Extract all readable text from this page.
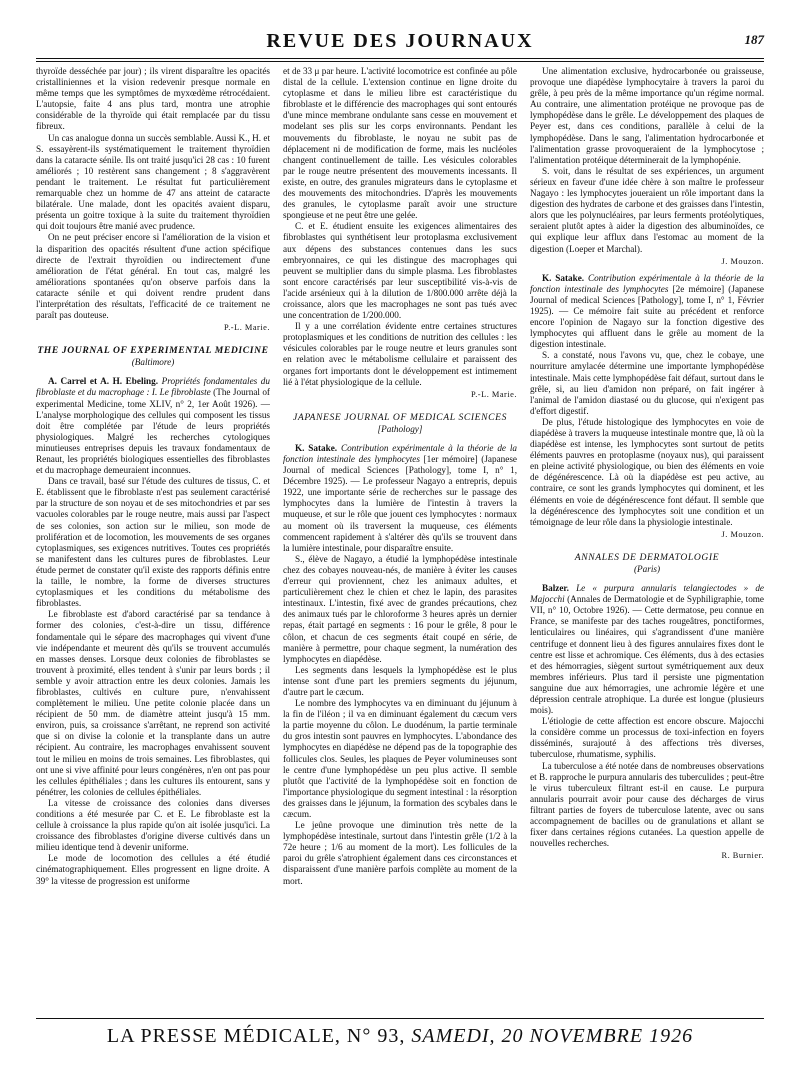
REVUE DES JOURNAUX	187

thyroïde desséchée par jour) ; ils virent disparaître les opacités cristalliniennes et la vision redevenir presque normale en même temps que les symptômes de myxœdème rétrocédaient. L'autopsie, faite 4 ans plus tard, montra une atrophie considérable de la thyroïde qui était remplacée par du tissu fibreux.

Un cas analogue donna un succès semblable. Aussi K., H. et S. essayèrent-ils systématiquement le traitement thyroïdien dans la cataracte sénile. Ils ont traité jusqu'ici 28 cas : 10 furent améliorés ; 10 restèrent sans changement ; 8 s'aggravèrent pendant le traitement. Le résultat fut particulièrement remarquable chez un homme de 47 ans atteint de cataracte bilatérale. Une malade, dont les opacités avaient disparu, présenta un goitre toxique à la suite du traitement thyroïdien qui doit toujours être manié avec prudence.

On ne peut préciser encore si l'amélioration de la vision et la disparition des opacités résultent d'une action spécifique directe de l'extrait thyroïdien ou indirectement d'une amélioration de l'état général. En tout cas, malgré les améliorations spontanées qu'on observe parfois dans la cataracte sénile et qui doivent rendre prudent dans l'interprétation des résultats, l'efficacité de ce traitement ne paraît pas douteuse.

P.-L. Marie.
THE JOURNAL OF EXPERIMENTAL MEDICINE
(Baltimore)

A. Carrel et A. H. Ebeling. Propriétés fondamentales du fibroblaste et du macrophage : I. Le fibroblaste (The Journal of experimental Medicine, tome XLIV, n° 2, 1er Août 1926). — L'analyse morphologique des cellules qui composent les tissus doit être complétée par l'étude de leurs propriétés physiologiques. Malgré les recherches cytologiques minutieuses entreprises depuis les travaux fondamentaux de Renaut, les propriétés biologiques essentielles des fibroblastes et du macrophage demeuraient inconnues.

Dans ce travail, basé sur l'étude des cultures de tissus, C. et E. établissent que le fibroblaste n'est pas seulement caractérisé par la structure de son noyau et de ses mitochondries et par ses vacuoles colorables par le rouge neutre, mais aussi par l'aspect de ses colonies, son action sur le milieu, son mode de prolifération et de locomotion, les mouvements de ses organes cytoplasmiques, ses exigences nutritives. Toutes ces propriétés se manifestent dans les cultures pures de fibroblastes. Leur étude permet de constater qu'il existe des rapports définis entre la taille, le nombre, la forme de diverses structures cytoplasmiques et les conditions du métabolisme des fibroblastes.

Le fibroblaste est d'abord caractérisé par sa tendance à former des colonies, c'est-à-dire un tissu, différence fondamentale qui le sépare des macrophages qui vivent d'une vie indépendante et meurent dès qu'ils se trouvent accumulés en masses denses. Lorsque deux colonies de fibroblastes se trouvent à proximité, elles tendent à s'unir par leurs bords ; il semble y avoir attraction entre les deux colonies. Jamais les fibroblastes, cultivés en culture pure, n'envahissent complètement le milieu. Une petite colonie placée dans un récipient de 50 mm. de diamètre atteint jusqu'à 15 mm. environ, puis, sa croissance s'arrêtant, ne reprend son activité que si on divise la colonie et la transplante dans un autre récipient. Au contraire, les macrophages envahissent souvent tout le milieu en moins de trois semaines. Les fibroblastes, qui ont une si vive affinité pour leurs congénères, n'en ont pas pour les cellules épithéliales ; dans les cultures ils entourent, sans y pénétrer, les colonies de cellules épithéliales.

La vitesse de croissance des colonies dans diverses conditions a été mesurée par C. et E. Le fibroblaste est la cellule à croissance la plus rapide qu'on ait isolée jusqu'ici. La croissance des fibroblastes d'origine diverse cultivés dans un milieu identique tend à devenir uniforme.

Le mode de locomotion des cellules a été étudié cinématographiquement. Elles progressent en ligne droite. A 39° la vitesse de progression est uniforme

et de 33 μ par heure. L'activité locomotrice est confinée au pôle distal de la cellule. L'extension continue en ligne droite du cytoplasme et dans le milieu libre est caractéristique du fibroblaste et le différencie des macrophages qui sont entourés d'une mince membrane ondulante sans cesse en mouvement et modelant ses plis sur les corps environnants. Pendant les mouvements du fibroblaste, le noyau ne subit pas de déplacement ni de modification de forme, mais les nucléoles changent continuellement de taille. Les vésicules colorables par le rouge neutre présentent des mouvements incessants. Il existe, en outre, des granules migrateurs dans le cytoplasme et des mouvements des mitochondries. D'après les mouvements des granules, le cytoplasme paraît avoir une structure spongieuse et ne peut être une gelée.

C. et E. étudient ensuite les exigences alimentaires des fibroblastes qui synthétisent leur protoplasma exclusivement aux dépens des substances contenues dans les sucs embryonnaires, ce qui les distingue des macrophages qui peuvent se multiplier dans du simple plasma. Les fibroblastes sont encore caractérisés par leur susceptibilité vis-à-vis de l'acide arsénieux qui à la dilution de 1/800.000 arrête déjà la croissance, alors que les macrophages ne sont pas tués avec une concentration de 1/200.000.

Il y a une corrélation évidente entre certaines structures protoplasmiques et les conditions de nutrition des cellules : les vésicules colorables par le rouge neutre et leurs granules sont en relation avec le métabolisme cellulaire et paraissent des organes fort importants dont le développement est intimement lié à l'état physiologique de la cellule.

P.-L. Marie.
JAPANESE JOURNAL OF MEDICAL SCIENCES
[Pathology]

K. Satake. Contribution expérimentale à la théorie de la fonction intestinale des lymphocytes [1er mémoire] (Japanese Journal of medical Sciences [Pathology], tome I, n° 1, Décembre 1925). — Le professeur Nagayo a entrepris, depuis 1922, une importante série de recherches sur le passage des lymphocytes dans la lumière de l'intestin à travers la muqueuse, et sur le rôle que jouent ces lymphocytes : normaux au moment où ils traversent la muqueuse, ces éléments commencent rapidement à s'altérer dès qu'ils se trouvent dans la lumière intestinale, pour disparaître ensuite.

S., élève de Nagayo, a étudié la lymphopédèse intestinale chez des cobayes nouveau-nés, de manière à éviter les causes d'erreur qui proviennent, chez les animaux adultes, et particulièrement chez le chien et chez le lapin, des parasites intestinaux. L'intestin, fixé avec de grandes précautions, chez des animaux tués par le chloroforme 3 heures après un dernier repas, était partagé en segments : 16 pour le grêle, 8 pour le côlon, et chacun de ces segments était coupé en série, de manière à permettre, pour chaque segment, la numération des lymphocytes en diapédèse.

Les segments dans lesquels la lymphopédèse est le plus intense sont d'une part les premiers segments du jéjunum, d'autre part le cæcum.

Le nombre des lymphocytes va en diminuant du jéjunum à la fin de l'iléon ; il va en diminuant également du cæcum vers la partie moyenne du côlon. Le duodénum, la partie terminale du gros intestin sont pauvres en lymphocytes. L'abondance des lymphocytes en diapédèse ne dépend pas de la topographie des follicules clos. Seules, les plaques de Peyer volumineuses sont le centre d'une lymphopédèse un peu plus active. Il semble plutôt que l'activité de la lymphopédèse soit en fonction de l'importance physiologique du segment intestinal : la résorption des graisses dans le jéjunum, la formation des scybales dans le cæcum.

Le jeûne provoque une diminution très nette de la lymphopédèse intestinale, surtout dans l'intestin grêle (1/2 à la 72e heure ; 1/6 au moment de la mort). Les follicules de la paroi du grêle s'atrophient également dans ces circonstances et disparaissent d'une manière parfois complète au moment de la mort.

Une alimentation exclusive, hydrocarbonée ou graisseuse, provoque une diapédèse lymphocytaire à travers la paroi du grêle, à peu près de la même importance qu'un régime normal. Au contraire, une alimentation protéique ne provoque pas de lymphopédèse dans le grêle. Le développement des plaques de Peyer est, dans ces conditions, parallèle à celui de la lymphopédèse. Dans le sang, l'alimentation hydrocarbonée et l'alimentation grasse provoqueraient de la lymphocytose ; l'alimentation protéique déterminerait de la lymphopénie.

S. voit, dans le résultat de ses expériences, un argument sérieux en faveur d'une idée chère à son maître le professeur Nagayo : les lymphocytes joueraient un rôle important dans la digestion des hydrates de carbone et des graisses dans l'intestin, alors que les polynucléaires, par leurs ferments protéolytiques, seraient plutôt aptes à aider la digestion des albuminoïdes, ce qui explique leur afflux dans l'estomac au moment de la digestion (Loeper et Marchal).

J. Mouzon.

K. Satake. Contribution expérimentale à la théorie de la fonction intestinale des lymphocytes [2e mémoire] (Japanese Journal of medical Sciences [Pathology], tome I, n° 1, Février 1925). — Ce mémoire fait suite au précédent et renforce encore l'opinion de Nagayo sur la fonction digestive des lymphocytes qui affluent dans le grêle au moment de la digestion intestinale.

S. a constaté, nous l'avons vu, que, chez le cobaye, une nourriture amylacée détermine une importante lymphopédèse intestinale. Mais cette lymphopédèse fait défaut, surtout dans le grêle, si, au lieu d'amidon non préparé, on fait ingérer à l'animal de l'amidon diastasé ou du glucose, qui n'exigent pas d'effort digestif.

De plus, l'étude histologique des lymphocytes en voie de diapédèse à travers la muqueuse intestinale montre que, là où la diapédèse est intense, les lymphocytes sont surtout de petits éléments pauvres en protoplasme (noyaux nus), qui paraissent en pleine activité physiologique, ou bien des éléments en voie de dégénérescence. Là où la diapédèse est peu active, au contraire, ce sont les grands lymphocytes qui dominent, et les éléments en voie de dégénérescence font défaut. Il semble que la dégénérescence des lymphocytes soit une condition et un témoignage de leur rôle dans la physiologie intestinale.

J. Mouzon.
ANNALES DE DERMATOLOGIE
(Paris)

Balzer. Le « purpura annularis telangiectodes » de Majocchi (Annales de Dermatologie et de Syphiligraphie, tome VII, n° 10, Octobre 1926). — Cette dermatose, peu connue en France, se manifeste par des taches rougeâtres, ponctiformes, lenticulaires ou linéaires, qui s'agrandissent d'une manière centrifuge et donnent lieu à des figures annulaires fixes dont le centre est lisse et achromique. Ces éléments, dus à des ectasies et des hémorragies, siègent surtout symétriquement aux deux membres inférieurs. Plus tard il persiste une pigmentation sanguine due aux hémorragies, une achromie légère et une dépression centrale atrophique. La durée est longue (plusieurs mois).

L'étiologie de cette affection est encore obscure. Majocchi la considère comme un processus de toxi-infection en foyers disséminés, surajouté à des affections très diverses, tuberculose, rhumatisme, syphilis.

La tuberculose a été notée dans de nombreuses observations et B. rapproche le purpura annularis des tuberculides ; peut-être le virus tuberculeux filtrant est-il en cause. Le purpura annularis pourrait avoir pour cause des décharges de virus filtrant parties de foyers de tuberculose latente, avec ou sans accompagnement de bacilles ou de granulations et allant se fixer dans certaines régions cutanées. La question appelle de nouvelles recherches.

R. Burnier.
LA PRESSE MÉDICALE, N° 93, SAMEDI, 20 NOVEMBRE 1926
